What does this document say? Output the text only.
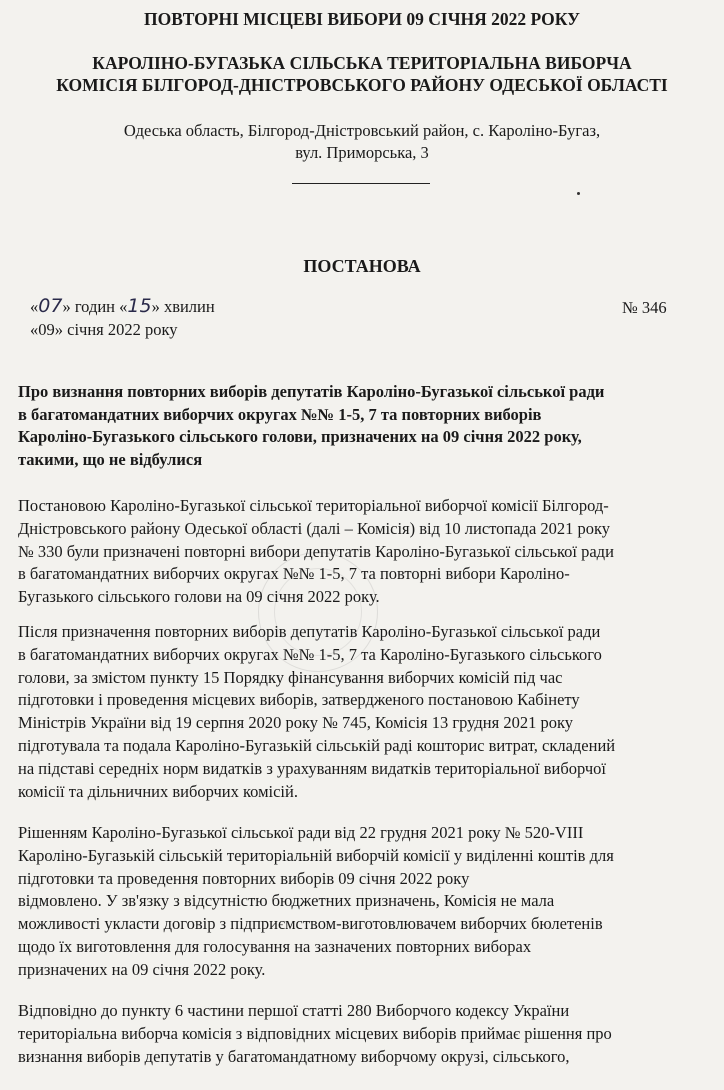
ПОВТОРНІ МІСЦЕВІ ВИБОРИ 09 СІЧНЯ 2022 РОКУ
КАРОЛІНО-БУГАЗЬКА СІЛЬСЬКА ТЕРИТОРІАЛЬНА ВИБОРЧА
КОМІСІЯ БІЛГОРОД-ДНІСТРОВСЬКОГО РАЙОНУ ОДЕСЬКОЇ ОБЛАСТІ
Одеська область, Білгород-Дністровський район, с. Кароліно-Бугаз,
вул. Приморська, 3
ПОСТАНОВА
«07» годин «15» хвилин	№ 346
«09» січня 2022 року
Про визнання повторних виборів депутатів Кароліно-Бугазької сільської ради
в багатомандатних виборчих округах №№ 1-5, 7 та повторних виборів
Кароліно-Бугазького сільського голови, призначених на 09 січня 2022 року,
такими, що не відбулися
Постановою Кароліно-Бугазької сільської територіальної виборчої комісії Білгород-
Дністровського району Одеської області (далі – Комісія) від 10 листопада 2021 року
№ 330 були призначені повторні вибори депутатів Кароліно-Бугазької сільської ради
в багатомандатних виборчих округах №№ 1-5, 7 та повторні вибори Кароліно-
Бугазького сільського голови на 09 січня 2022 року.
Після призначення повторних виборів депутатів Кароліно-Бугазької сільської ради
в багатомандатних виборчих округах №№ 1-5, 7 та Кароліно-Бугазького сільського
голови, за змістом пункту 15 Порядку фінансування виборчих комісій під час
підготовки і проведення місцевих виборів, затвердженого постановою Кабінету
Міністрів України від 19 серпня 2020 року № 745, Комісія 13 грудня 2021 року
підготувала та подала Кароліно-Бугазькій сільській раді кошторис витрат, складений
на підставі середніх норм видатків з урахуванням видатків територіальної виборчої
комісії та дільничних виборчих комісій.
Рішенням Кароліно-Бугазької сільської ради від 22 грудня 2021 року № 520-VIII
Кароліно-Бугазькій сільській територіальній виборчій комісії у виділенні коштів для
підготовки та проведення повторних виборів 09 січня 2022 року
відмовлено. У зв'язку з відсутністю бюджетних призначень, Комісія не мала
можливості укласти договір з підприємством-виготовлювачем виборчих бюлетенів
щодо їх виготовлення для голосування на зазначених повторних виборах
призначених на 09 січня 2022 року.
Відповідно до пункту 6 частини першої статті 280 Виборчого кодексу України
територіальна виборча комісія з відповідних місцевих виборів приймає рішення про
визнання виборів депутатів у багатомандатному виборчому окрузі, сільського,
